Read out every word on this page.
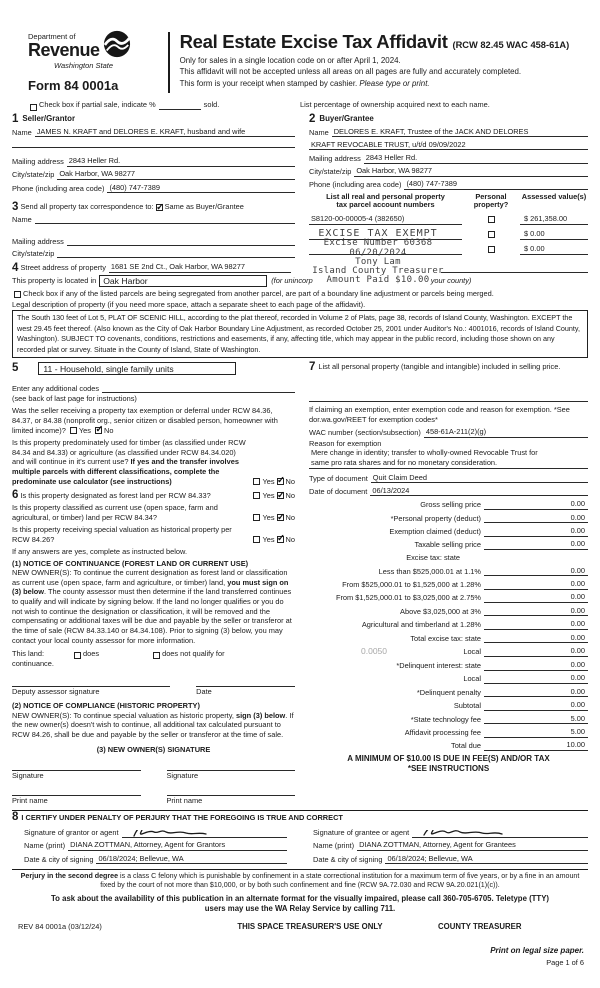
Department of
Revenue
Washington State
Form 84 0001a
Real Estate Excise Tax Affidavit (RCW 82.45 WAC 458-61A)
Only for sales in a single location code on or after April 1, 2024.
This affidavit will not be accepted unless all areas on all pages are fully and accurately completed.
This form is your receipt when stamped by cashier. Please type or print.
Check box if partial sale, indicate %	sold.	List percentage of ownership acquired next to each name.
1 Seller/Grantor
Name JAMES N. KRAFT and DELORES E. KRAFT, husband and wife
Mailing address 2843 Heller Rd.
City/state/zip Oak Harbor, WA 98277
Phone (including area code) (480) 747-7389
3
Send all property tax correspondence to: ✓ Same as Buyer/Grantee
Name
Mailing address
City/state/zip
2 Buyer/Grantee
Name DELORES E. KRAFT, Trustee of the JACK AND DELORES
KRAFT REVOCABLE TRUST, u/t/d 09/09/2022
Mailing address 2843 Heller Rd.
City/state/zip Oak Harbor, WA 98277
Phone (including area code) (480) 747-7389
List all real and personal property tax parcel account numbers
Personal property?
Assessed value(s)
S8120-00-00005-4 (382650)	$ 261,358.00
$ 0.00
$ 0.00
EXCISE TAX EXEMPT
Excise Number 60368
06/20/2024
Tony Lam
Island County Treasurer
Amount Paid $10.00
4
Street address of property 1681 SE 2nd Ct., Oak Harbor, WA 98277
This property is located in Oak Harbor	(for unincorp	your county)
Check box if any of the listed parcels are being segregated from another parcel, are part of a boundary line adjustment or parcels being merged.
Legal description of property (if you need more space, attach a separate sheet to each page of the affidavit).
The South 130 feet of Lot 5, PLAT OF SCENIC HILL, according to the plat thereof, recorded in Volume 2 of Plats, page 38, records of Island County, Washington. EXCEPT the west 29.45 feet thereof. (Also known as the City of Oak Harbor Boundary Line Adjustment, as recorded October 25, 2001 under Auditor's No.: 4001016, records of Island County, Washington). SUBJECT TO covenants, conditions, restrictions and easements, if any, affecting title, which may appear in the public record, including those shown on any recorded plat or survey. Situate in the County of Island, State of Washington.
5	11 - Household, single family units
Enter any additional codes
(see back of last page for instructions)
Was the seller receiving a property tax exemption or deferral under RCW 84.36, 84.37, or 84.38 (nonprofit org., senior citizen or disabled person, homeowner with limited income)? Yes ✓ No
Is this property predominately used for timber (as classified under RCW 84.34 and 84.33) or agriculture (as classified under RCW 84.34.020) and will continue in it's current use? If yes and the transfer involves multiple parcels with different classifications, complete the predominate use calculator (see instructions)	Yes ✓ No
6 Is this property designated as forest land per RCW 84.33?	Yes ✓ No
Is this property classified as current use (open space, farm and agricultural, or timber) land per RCW 84.34?	Yes ✓ No
Is this property receiving special valuation as historical property per RCW 84.26?	Yes ✓ No
If any answers are yes, complete as instructed below.
(1) NOTICE OF CONTINUANCE (FOREST LAND OR CURRENT USE)
NEW OWNER(S): To continue the current designation as forest land or classification as current use (open space, farm and agriculture, or timber) land, you must sign on (3) below. The county assessor must then determine if the land transferred continues to qualify and will indicate by signing below. If the land no longer qualifies or you do not wish to continue the designation or classification, it will be removed and the compensating or additional taxes will be due and payable by the seller or transferor at the time of sale (RCW 84.33.140 or 84.34.108). Prior to signing (3) below, you may contact your local county assessor for more information.
This land:	does	does not qualify for
continuance.
Deputy assessor signature	Date
(2) NOTICE OF COMPLIANCE (HISTORIC PROPERTY)
NEW OWNER(S): To continue special valuation as historic property, sign (3) below. If the new owner(s) doesn't wish to continue, all additional tax calculated pursuant to RCW 84.26, shall be due and payable by the seller or transferor at the time of sale.
(3) NEW OWNER(S) SIGNATURE
Signature	Signature
Print name	Print name
7 List all personal property (tangible and intangible) included in selling price.
If claiming an exemption, enter exemption code and reason for exemption. *See dor.wa.gov/REET for exemption codes*
WAC number (section/subsection) 458-61A-211(2)(g)
Reason for exemption
Mere change in identity; transfer to wholly-owned Revocable Trust for
same pro rata shares and for no monetary consideration.
Type of document Quit Claim Deed
Date of document 06/13/2024
Gross selling price	0.00
*Personal property (deduct)	0.00
Exemption claimed (deduct)	0.00
Taxable selling price	0.00
Excise tax: state
Less than $525,000.01 at 1.1%	0.00
From $525,000.01 to $1,525,000 at 1.28%	0.00
From $1,525,000.01 to $3,025,000 at 2.75%	0.00
Above $3,025,000 at 3%	0.00
Agricultural and timberland at 1.28%	0.00
Total excise tax: state	0.00
0.0050	Local	0.00
*Delinquent interest: state	0.00
Local	0.00
*Delinquent penalty	0.00
Subtotal	0.00
*State technology fee	5.00
Affidavit processing fee	5.00
Total due	10.00
A MINIMUM OF $10.00 IS DUE IN FEE(S) AND/OR TAX
*SEE INSTRUCTIONS
8 I CERTIFY UNDER PENALTY OF PERJURY THAT THE FOREGOING IS TRUE AND CORRECT
Signature of grantor or agent
Name (print) DIANA ZOTTMAN, Attorney, Agent for Grantors
Date & city of signing 06/18/2024; Bellevue, WA
Signature of grantee or agent
Name (print) DIANA ZOTTMAN, Attorney, Agent for Grantees
Date & city of signing 06/18/2024; Bellevue, WA
Perjury in the second degree is a class C felony which is punishable by confinement in a state correctional institution for a maximum term of five years, or by a fine in an amount fixed by the court of not more than $10,000, or by both such confinement and fine (RCW 9A.72.030 and RCW 9A.20.021(1)(c)).
To ask about the availability of this publication in an alternate format for the visually impaired, please call 360-705-6705. Teletype (TTY) users may use the WA Relay Service by calling 711.
REV 84 0001a (03/12/24)	THIS SPACE TREASURER'S USE ONLY	COUNTY TREASURER
Print on legal size paper.
Page 1 of 6
